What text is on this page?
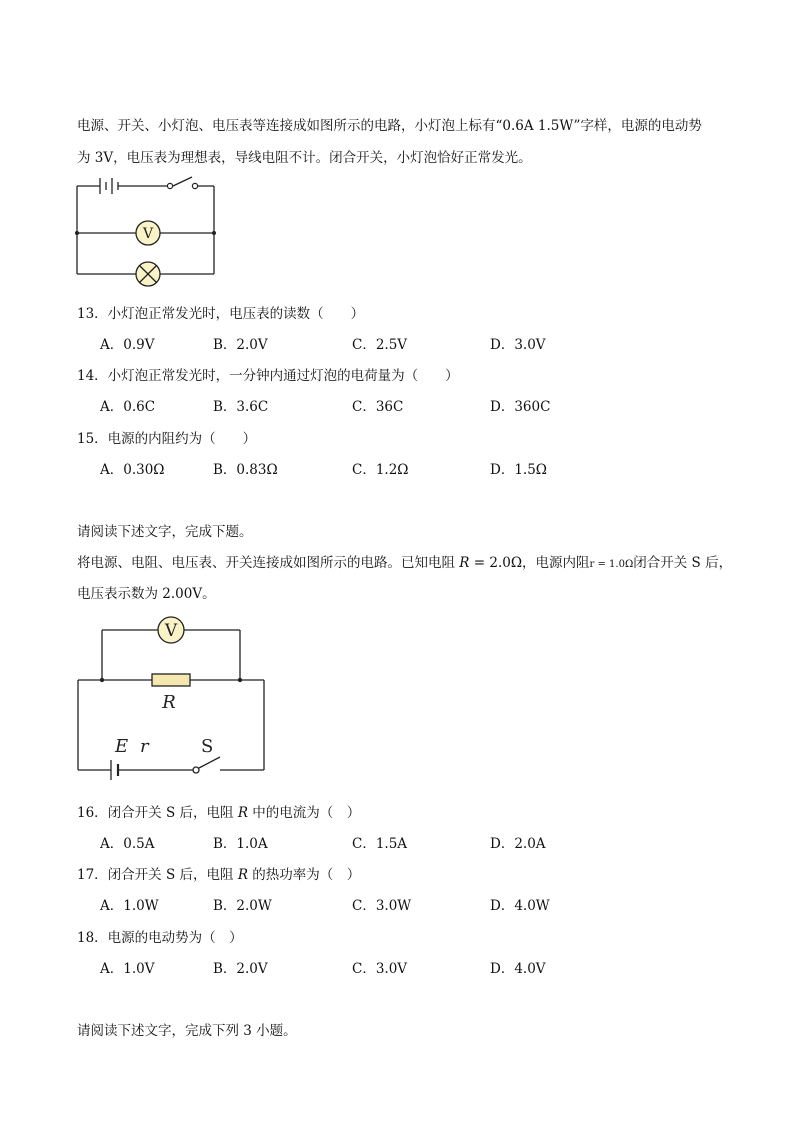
电源、开关、小灯泡、电压表等连接成如图所示的电路，小灯泡上标有“0.6A 1.5W”字样，电源的电动势
为 3V，电压表为理想表，导线电阻不计。闭合开关，小灯泡恰好正常发光。
V
13．小灯泡正常发光时，电压表的读数（　　）
A．0.9V	B．2.0V	C．2.5V	D．3.0V
14．小灯泡正常发光时，一分钟内通过灯泡的电荷量为（　　）
A．0.6C	B．3.6C	C．36C	D．360C
15．电源的内阻约为（　　）
A．0.30Ω	B．0.83Ω	C．1.2Ω	D．1.5Ω
请阅读下述文字，完成下题。
将电源、电阻、电压表、开关连接成如图所示的电路。已知电阻 R = 2.0Ω，电源内阻r = 1.0Ω闭合开关 S 后，
电压表示数为 2.00V。
V
R
E r	S
16．闭合开关 S 后，电阻 R 中的电流为（　）
A．0.5A	B．1.0A	C．1.5A	D．2.0A
17．闭合开关 S 后，电阻 R 的热功率为（　）
A．1.0W	B．2.0W	C．3.0W	D．4.0W
18．电源的电动势为（　）
A．1.0V	B．2.0V	C．3.0V	D．4.0V
请阅读下述文字，完成下列 3 小题。
